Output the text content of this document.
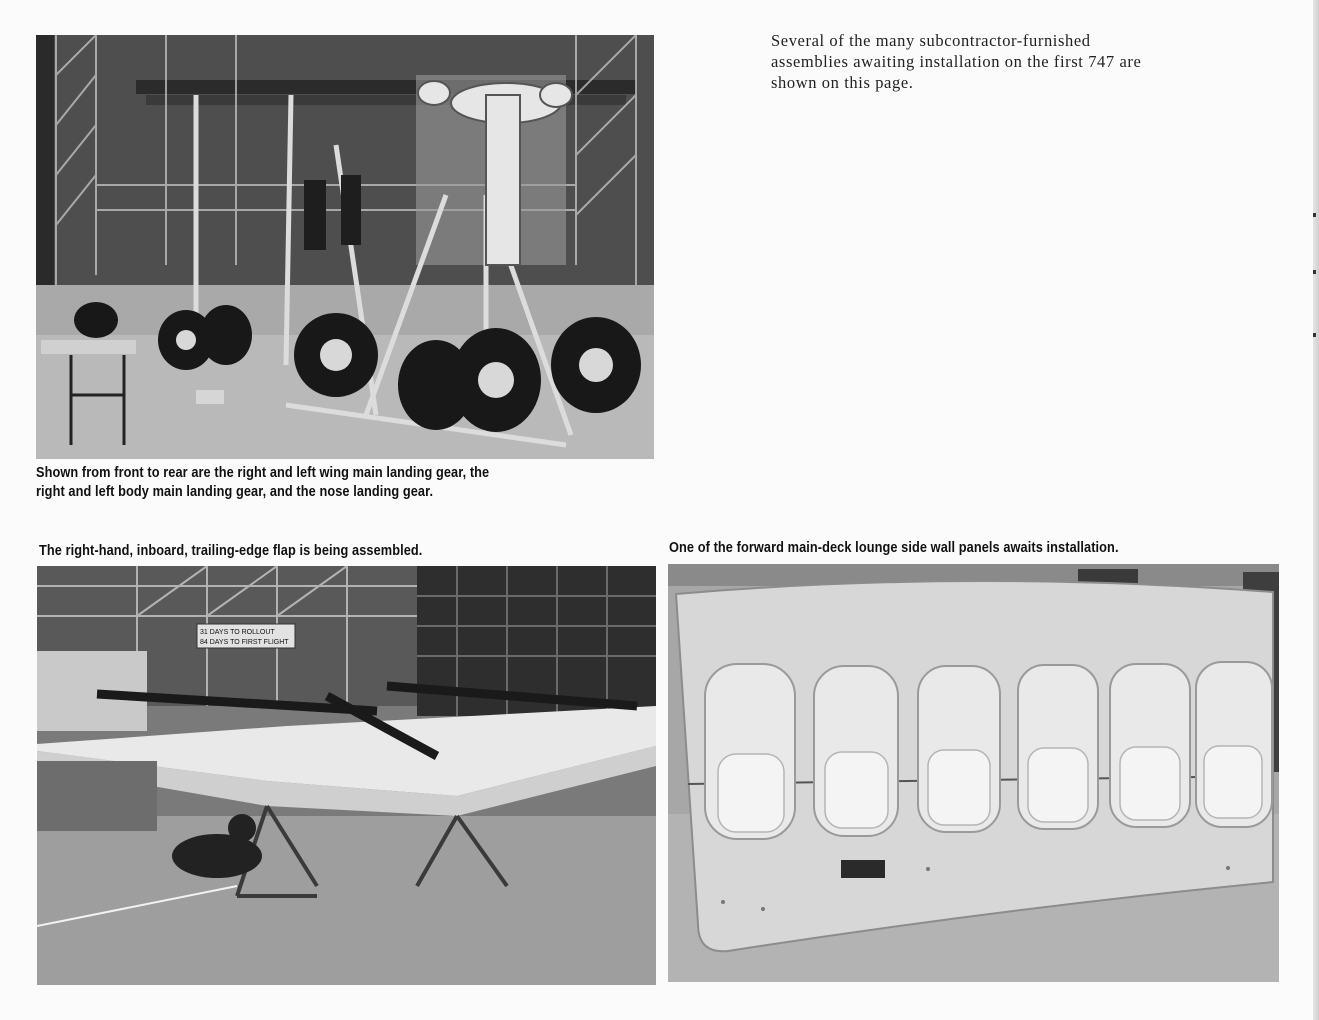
Several of the many subcontractor-furnished assemblies awaiting installation on the first 747 are shown on this page.
Shown from front to rear are the right and left wing main landing gear, the
right and left body main landing gear, and the nose landing gear.
The right-hand, inboard, trailing-edge flap is being assembled.
31 DAYS TO ROLLOUT
84 DAYS TO FIRST FLIGHT
One of the forward main-deck lounge side wall panels awaits installation.
